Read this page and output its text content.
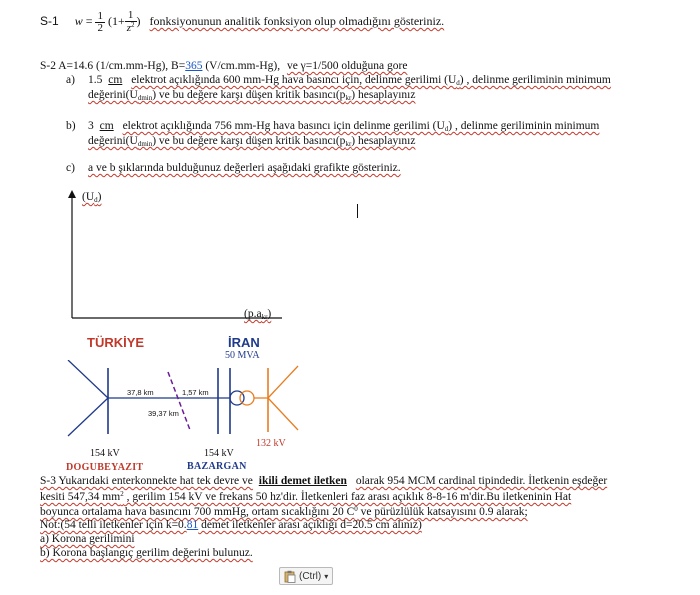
S-1 $w = \frac{1}{2} (1+ \frac{1}{z^2}$ ) fonksiyonunun analitik fonksiyon olup olmadığını gösteriniz.
S-2 A=14.6 (1/cm.mm-Hg), B=365 (V/cm.mm-Hg), ve γ=1/500 olduğuna gore
a) 1.5 cm elektrot açıklığında 600 mm-Hg hava basıncı için, delinme gerilimi $(U_d)$ , delinme geriliminin minimum
$değerini(U_{dmin})$ ve bu değere karşı düşen kritik $basıncı(p_{kr})$ hesaplayınız
b) 3 cm elektrot açıklığında 756 mm-Hg hava basıncı için delinme gerilimi $(U_d)$ , delinme geriliminin minimum
$değerini(U_{dmin})$ ve bu değere karşı düşen kritik $basıncı(p_{kr})$ hesaplayınız
c) a ve b şıklarında bulduğunuz değerleri aşağıdaki grafikte gösteriniz.
$(U_d)$
$(p.a_{kr})$
TÜRKİYE	İRAN
50 MVA
37,8 km	1,57 km
39,37 km
154 kV	154 kV
132 kV
DOGUBEYAZIT	BAZARGAN
S-3 Yukarıdaki enterkonnekte hat tek devre ve ikili demet iletken olarak 954 MCM cardinal tipindedir. İletkenin eşdeğer
kesiti 547,34 $mm^2$ , gerilim 154 kV ve frekans 50 hz'dir. İletkenleri faz arası açıklık 8-8-16 m'dir.Bu iletkeninin Hat
boyunca ortalama hava basıncını 700 mmHg, ortam sıcaklığını 20 $C^0$ ve pürüzlülük katsayısını 0.9 alarak;
Not:(54 telli iletkenler için k=0.81 demet iletkenler arası açıklığı d=20.5 cm alınız)
a) Korona gerilimini
b) Korona başlangıç gerilim değerini bulunuz.
(Ctrl) ▾
